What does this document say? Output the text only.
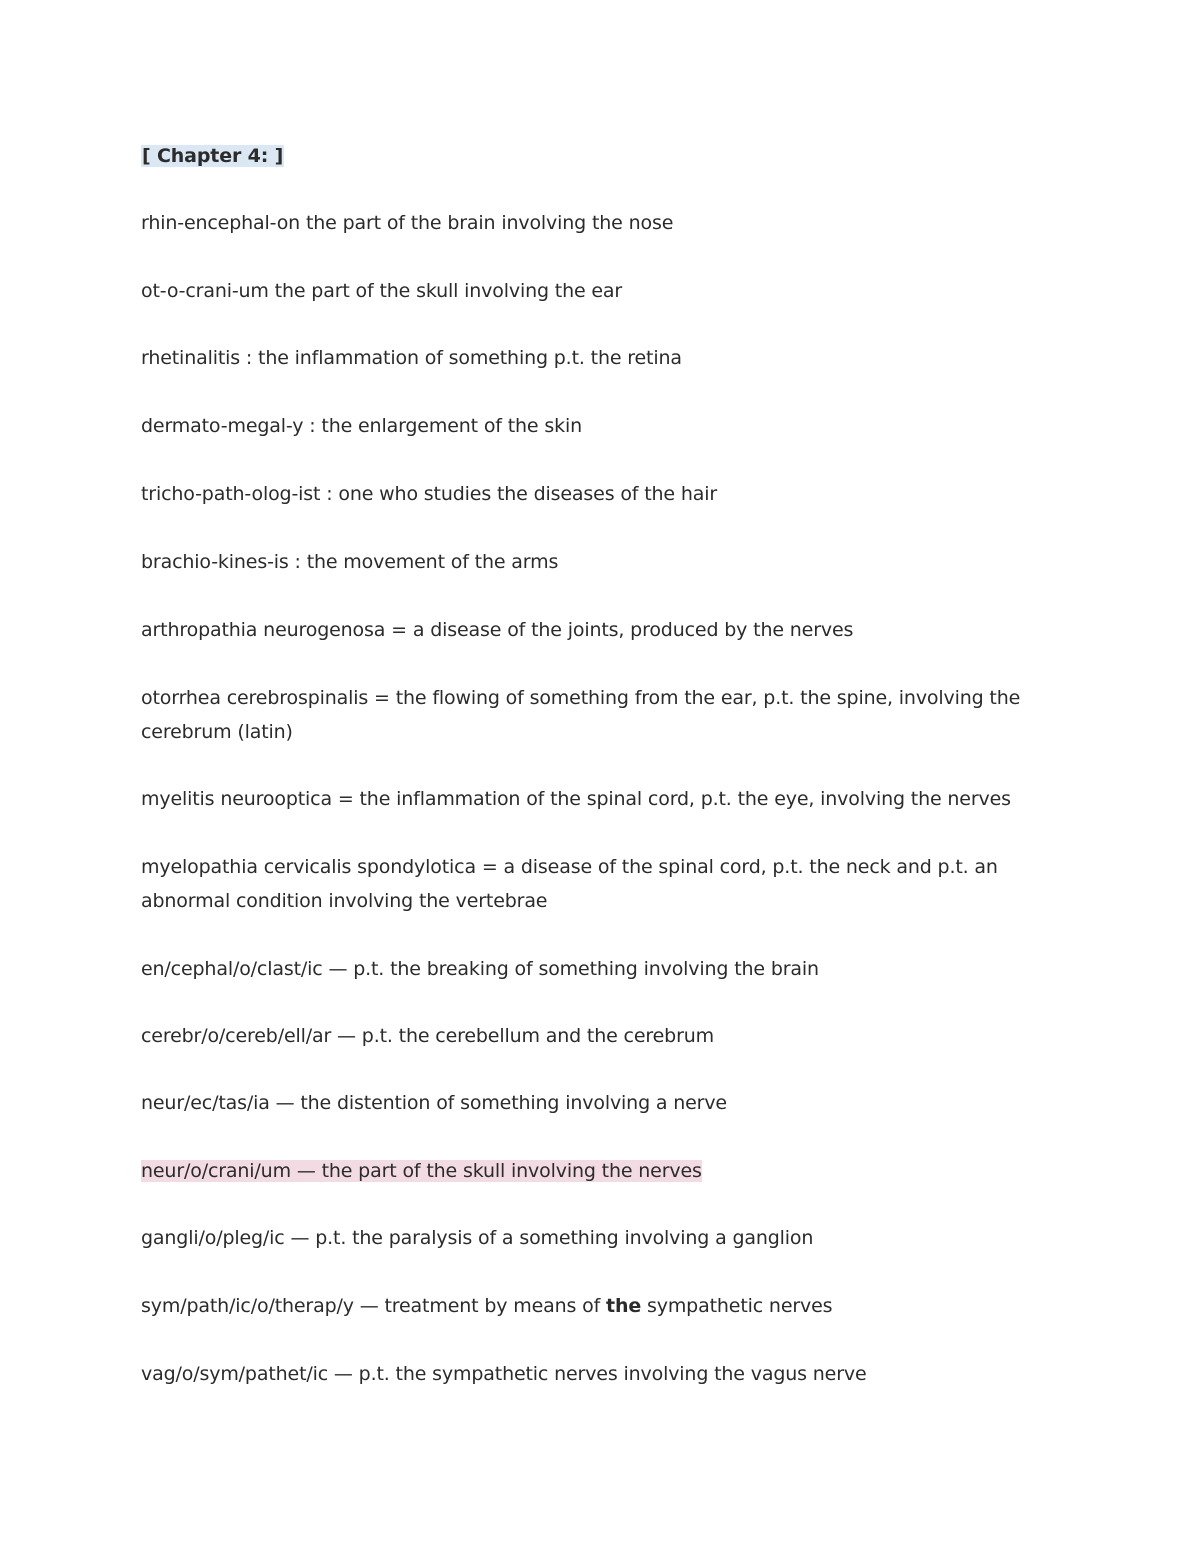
[ Chapter 4: ]
rhin-encephal-on the part of the brain involving the nose
ot-o-crani-um the part of the skull involving the ear
rhetinalitis : the inflammation of something p.t. the retina
dermato-megal-y : the enlargement of the skin
tricho-path-olog-ist : one who studies the diseases of the hair
brachio-kines-is : the movement of the arms
arthropathia neurogenosa = a disease of the joints, produced by the nerves
otorrhea cerebrospinalis = the flowing of something from the ear, p.t. the spine, involving the cerebrum (latin)
myelitis neurooptica = the inflammation of the spinal cord, p.t. the eye, involving the nerves
myelopathia cervicalis spondylotica = a disease of the spinal cord, p.t. the neck and p.t. an abnormal condition involving the vertebrae
en/cephal/o/clast/ic — p.t. the breaking of something involving the brain
cerebr/o/cereb/ell/ar — p.t. the cerebellum and the cerebrum
neur/ec/tas/ia — the distention of something involving a nerve
neur/o/crani/um — the part of the skull involving the nerves
gangli/o/pleg/ic — p.t. the paralysis of a something involving a ganglion
sym/path/ic/o/therap/y — treatment by means of the sympathetic nerves
vag/o/sym/pathet/ic — p.t. the sympathetic nerves involving the vagus nerve
